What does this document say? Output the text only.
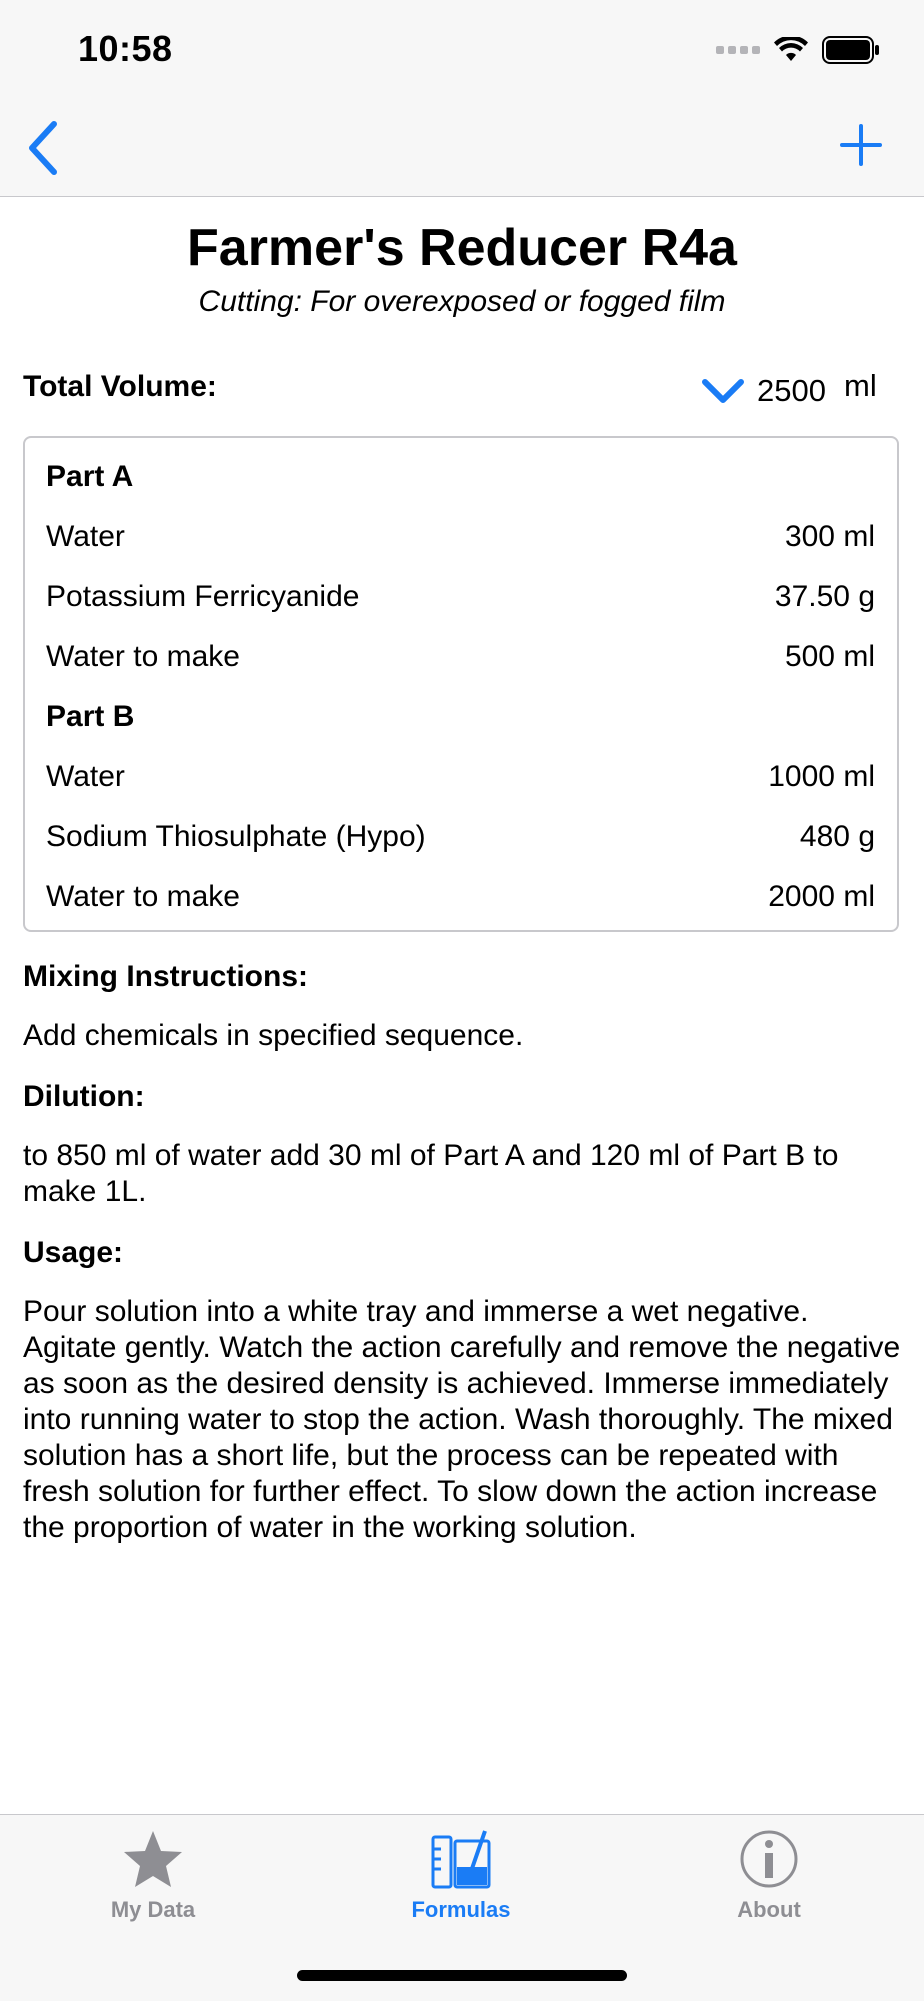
10:58
Farmer's Reducer R4a
Cutting: For overexposed or fogged film
Total Volume:	2500 ml
Part A
Water	300 ml
Potassium Ferricyanide	37.50 g
Water to make	500 ml
Part B
Water	1000 ml
Sodium Thiosulphate (Hypo)	480 g
Water to make	2000 ml
Mixing Instructions:
Add chemicals in specified sequence.
Dilution:
to 850 ml of water add 30 ml of Part A and 120 ml of Part B to make 1L.
Usage:
Pour solution into a white tray and immerse a wet negative. Agitate gently. Watch the action carefully and remove the negative as soon as the desired density is achieved. Immerse immediately into running water to stop the action. Wash thoroughly. The mixed solution has a short life, but the process can be repeated with fresh solution for further effect. To slow down the action increase the proportion of water in the working solution.
My Data	Formulas	About
